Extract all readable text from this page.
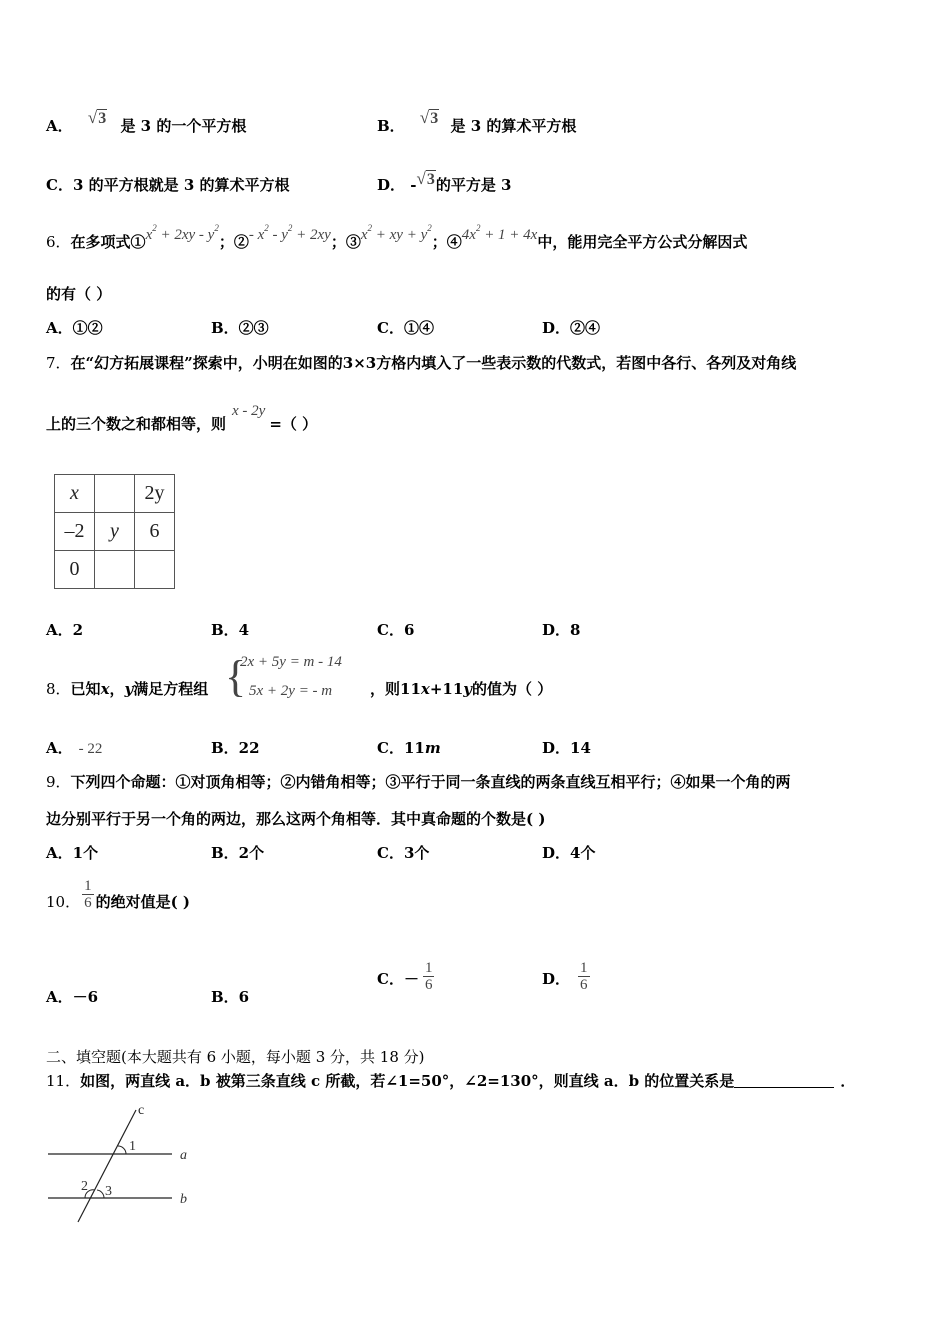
A． √3 是 3 的一个平方根	B． √3 是 3 的算术平方根
C．3 的平方根就是 3 的算术平方根	D． -√3的平方是 3
6．在多项式$①x^2 + 2xy - y^2$；②- $x^2 - y^2 + 2xy$；$③x^2$ + xy + $y^2$；$④4x^2 + 1 + 4x$中，能用完全平方公式分解因式
的有（ ）
A．①②	B．②③	C．①④	D．②④
7．在“幻方拓展课程”探索中，小明在如图的3×3方格内填入了一些表示数的代数式，若图中各行、各列及对角线
上的三个数之和都相等，则x - 2y=（ ）
x		2y
–2	y	6
0		
A．2	B．4	C．6	D．8
8．已知x，y满足方程组 {
2x + 5y = m - 14
5x + 2y = - m	，则11x+11y的值为（ ）
A． - 22	B．22	C．11m	D．14
9．下列四个命题：①对顶角相等；②内错角相等；③平行于同一条直线的两条直线互相平行；④如果一个角的两
边分别平行于另一个角的两边，那么这两个角相等．其中真命题的个数是( )
A．1个	B．2个	C．3个	D．4个
10． $\frac{1}{6}$ 的绝对值是( )
A．－6	B．6
C．－ $\frac{1}{6}$	D． $\frac{1}{6}$
二、填空题(本大题共有 6 小题，每小题 3 分，共 18 分)
11．如图，两直线 a．b 被第三条直线 c 所截，若∠1=50°，∠2=130°，则直线 a．b 的位置关系是	．
c
a
b
1
2 3
